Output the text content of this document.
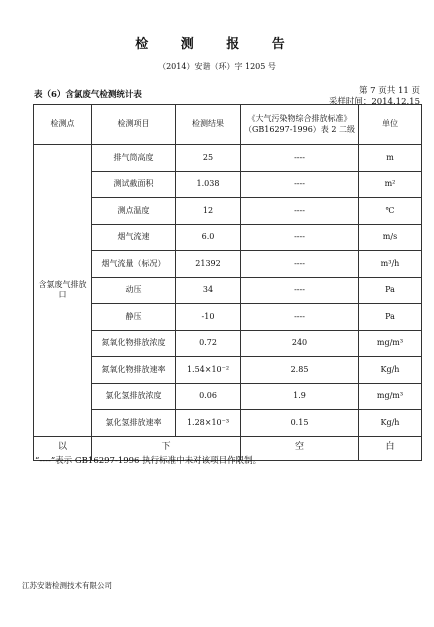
检 测 报 告
（2014）安谐（环）字 1205 号
表（6）含氯废气检测统计表	第 7 页共 11 页
采样时间：2014.12.15
检测点	检测项目	检测结果	《大气污染物综合排放标准》（GB16297-1996）表 2 二级	单位
含氯废气排放口	排气筒高度	25	----	m
	测试截面积	1.038	----	m²
	测点温度	12	----	℃
	烟气流速	6.0	----	m/s
	烟气流量（标况）	21392	----	m³/h
	动压	34	----	Pa
	静压	-10	----	Pa
	氮氧化物排放浓度	0.72	240	mg/m³
	氮氧化物排放速率	1.54×10⁻²	2.85	Kg/h
	氯化氢排放浓度	0.06	1.9	mg/m³
	氯化氢排放速率	1.28×10⁻³	0.15	Kg/h
以	下		空	白
“----”表示 GB16297-1996 执行标准中未对该项目作限制。
江苏安谐检测技术有限公司
